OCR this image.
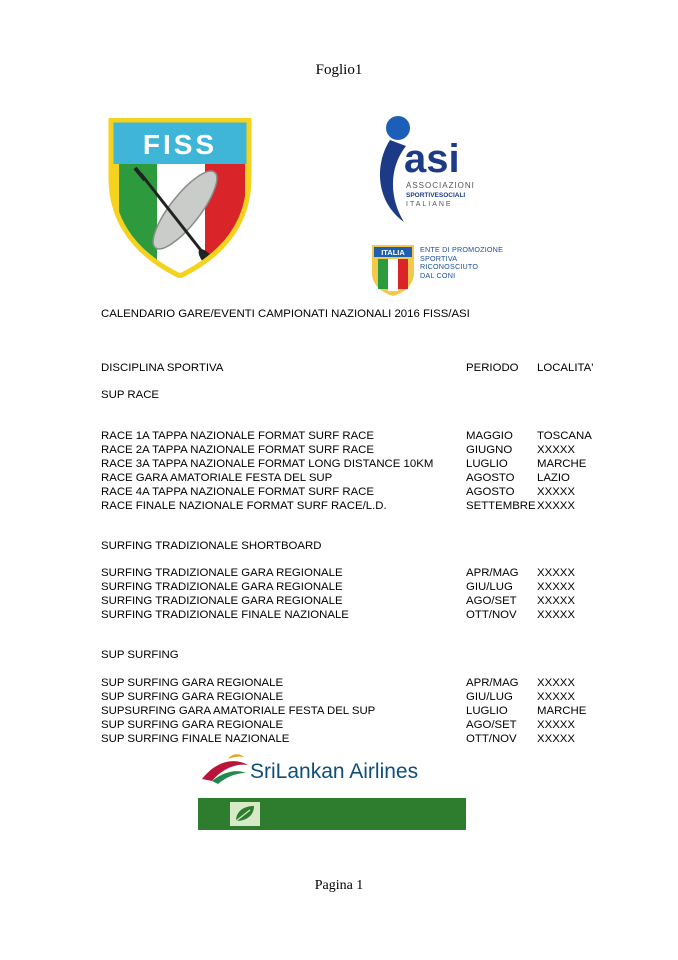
Foglio1
FISS	asi
ASSOCIAZIONI
SPORTIVESOCIALI
ITALIANE
ITALIA ENTE DI PROMOZIONE
SPORTIVA
RICONOSCIUTO
DAL CONI
CALENDARIO GARE/EVENTI CAMPIONATI NAZIONALI 2016 FISS/ASI
DISCIPLINA SPORTIVA	PERIODO LOCALITA'
SUP RACE
RACE 1A TAPPA NAZIONALE FORMAT SURF RACE	MAGGIO TOSCANA
RACE 2A TAPPA NAZIONALE FORMAT SURF RACE	GIUGNO XXXXX
RACE 3A TAPPA NAZIONALE FORMAT LONG DISTANCE 10KM	LUGLIO	MARCHE
RACE GARA AMATORIALE FESTA DEL SUP	AGOSTO LAZIO
RACE 4A TAPPA NAZIONALE FORMAT SURF RACE	AGOSTO XXXXX
RACE FINALE NAZIONALE FORMAT SURF RACE/L.D.	SETTEMBRE XXXXX
SURFING TRADIZIONALE SHORTBOARD
SURFING TRADIZIONALE GARA REGIONALE	APR/MAG XXXXX
SURFING TRADIZIONALE GARA REGIONALE	GIU/LUG XXXXX
SURFING TRADIZIONALE GARA REGIONALE	AGO/SET XXXXX
SURFING TRADIZIONALE FINALE NAZIONALE	OTT/NOV XXXXX
SUP SURFING
SUP SURFING GARA REGIONALE	APR/MAG XXXXX
SUP SURFING GARA REGIONALE	GIU/LUG XXXXX
SUPSURFING GARA AMATORIALE FESTA DEL SUP	LUGLIO	MARCHE
SUP SURFING GARA REGIONALE	AGO/SET XXXXX
SUP SURFING FINALE NAZIONALE	OTT/NOV XXXXX
SriLankan Airlines
NUTRILITE
Pagina 1
